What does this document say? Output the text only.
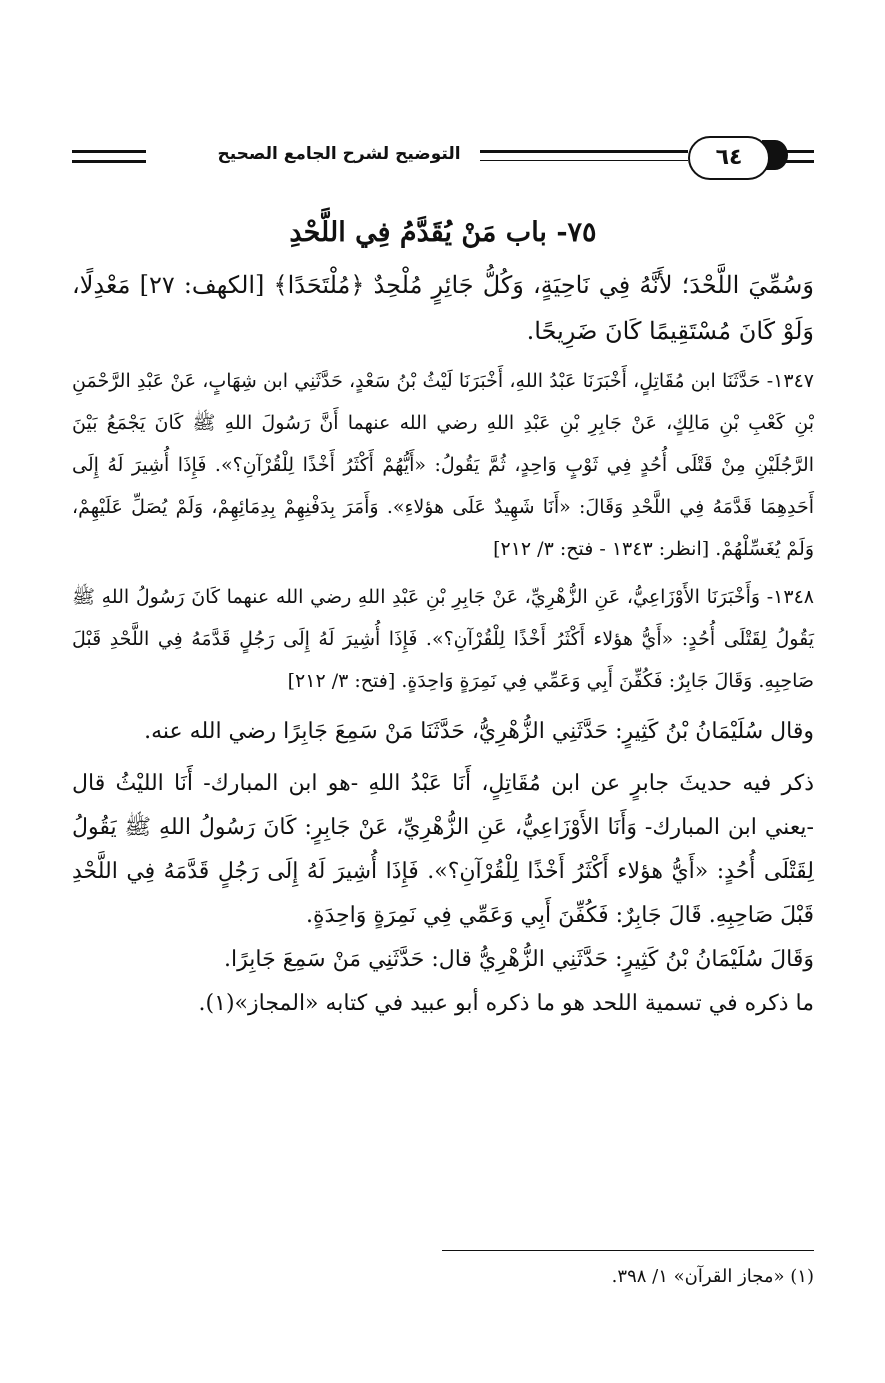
التوضيح لشرح الجامع الصحيح	٦٤
٧٥- باب مَنْ يُقَدَّمُ فِي اللَّحْدِ

وَسُمِّيَ اللَّحْدَ؛ لأَنَّهُ فِي نَاحِيَةٍ، وَكُلُّ جَائِرٍ مُلْحِدٌ ﴿مُلْتَحَدًا﴾ [الكهف: ٢٧] مَعْدِلًا، وَلَوْ كَانَ مُسْتَقِيمًا كَانَ ضَرِيحًا.

١٣٤٧- حَدَّثَنَا ابن مُقَاتِلٍ، أَخْبَرَنَا عَبْدُ اللهِ، أَخْبَرَنَا لَيْثُ بْنُ سَعْدٍ، حَدَّثَنِي ابن شِهَابٍ، عَنْ عَبْدِ الرَّحْمَنِ بْنِ كَعْبِ بْنِ مَالِكٍ، عَنْ جَابِرِ بْنِ عَبْدِ اللهِ رضي الله عنهما أَنَّ رَسُولَ اللهِ ﷺ كَانَ يَجْمَعُ بَيْنَ الرَّجُلَيْنِ مِنْ قَتْلَى أُحُدٍ فِي ثَوْبٍ وَاحِدٍ، ثُمَّ يَقُولُ: «أَيُّهُمْ أَكْثَرُ أَخْذًا لِلْقُرْآنِ؟». فَإِذَا أُشِيرَ لَهُ إِلَى أَحَدِهِمَا قَدَّمَهُ فِي اللَّحْدِ وَقَالَ: «أَنَا شَهِيدٌ عَلَى هؤلاءِ». وَأَمَرَ بِدَفْنِهِمْ بِدِمَائِهِمْ، وَلَمْ يُصَلِّ عَلَيْهِمْ، وَلَمْ يُغَسِّلْهُمْ. [انظر: ١٣٤٣ - فتح: ٣/ ٢١٢]

١٣٤٨- وَأَخْبَرَنَا الأَوْزَاعِيُّ، عَنِ الزُّهْرِيِّ، عَنْ جَابِرِ بْنِ عَبْدِ اللهِ رضي الله عنهما كَانَ رَسُولُ اللهِ ﷺ يَقُولُ لِقَتْلَى أُحُدٍ: «أَيُّ هؤلاء أَكْثَرُ أَخْذًا لِلْقُرْآنِ؟». فَإِذَا أُشِيرَ لَهُ إِلَى رَجُلٍ قَدَّمَهُ فِي اللَّحْدِ قَبْلَ صَاحِبِهِ. وَقَالَ جَابِرٌ: فَكُفِّنَ أَبِي وَعَمِّي فِي نَمِرَةٍ وَاحِدَةٍ. [فتح: ٣/ ٢١٢]

وقال سُلَيْمَانُ بْنُ كَثِيرٍ: حَدَّثَنِي الزُّهْرِيُّ، حَدَّثَنَا مَنْ سَمِعَ جَابِرًا رضي الله عنه.

ذكر فيه حديثَ جابرٍ عن ابن مُقَاتِلٍ، أَنَا عَبْدُ اللهِ -هو ابن المبارك- أَنَا الليْثُ قال -يعني ابن المبارك- وَأَنَا الأَوْزَاعِيُّ، عَنِ الزُّهْرِيِّ، عَنْ جَابِرٍ: كَانَ رَسُولُ اللهِ ﷺ يَقُولُ لِقَتْلَى أُحُدٍ: «أَيُّ هؤلاء أَكْثَرُ أَخْذًا لِلْقُرْآنِ؟». فَإِذَا أُشِيرَ لَهُ إِلَى رَجُلٍ قَدَّمَهُ فِي اللَّحْدِ قَبْلَ صَاحِبِهِ. قَالَ جَابِرٌ: فَكُفِّنَ أَبِي وَعَمِّي فِي نَمِرَةٍ وَاحِدَةٍ.

وَقَالَ سُلَيْمَانُ بْنُ كَثِيرٍ: حَدَّثَنِي الزُّهْرِيُّ قال: حَدَّثَنِي مَنْ سَمِعَ جَابِرًا.

ما ذكره في تسمية اللحد هو ما ذكره أبو عبيد في كتابه «المجاز»(١).

(١) «مجاز القرآن» ١/ ٣٩٨.
